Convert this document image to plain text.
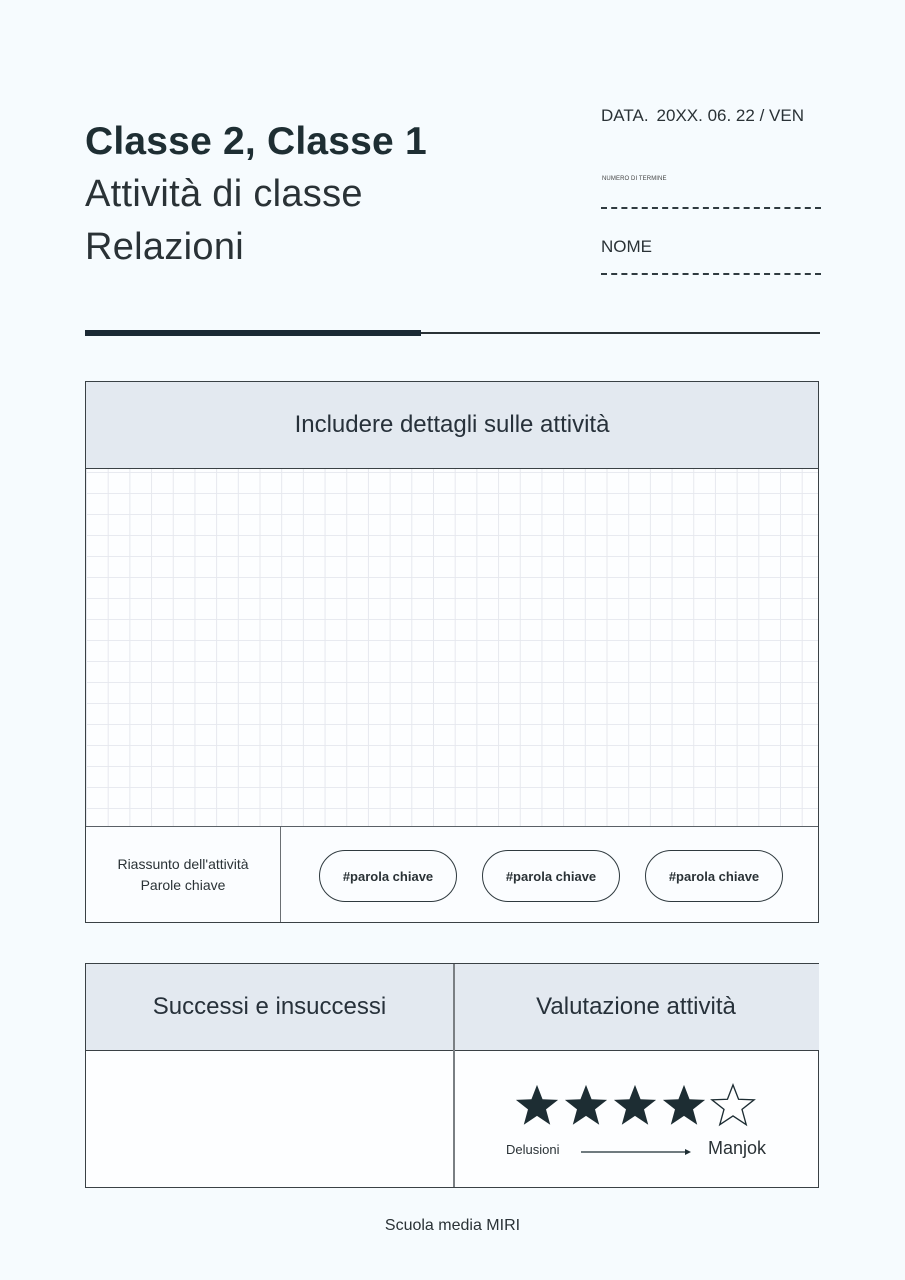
Classe 2, Classe 1
Attività di classe
Relazioni
DATA. 20XX. 06. 22 / VEN
NUMERO DI TERMINE
NOME
Includere dettagli sulle attività
Riassunto dell'attività
Parole chiave
#parola chiave	#parola chiave	#parola chiave
Successi e insuccessi	Valutazione attività
Delusioni	Manjok
Scuola media MIRI
